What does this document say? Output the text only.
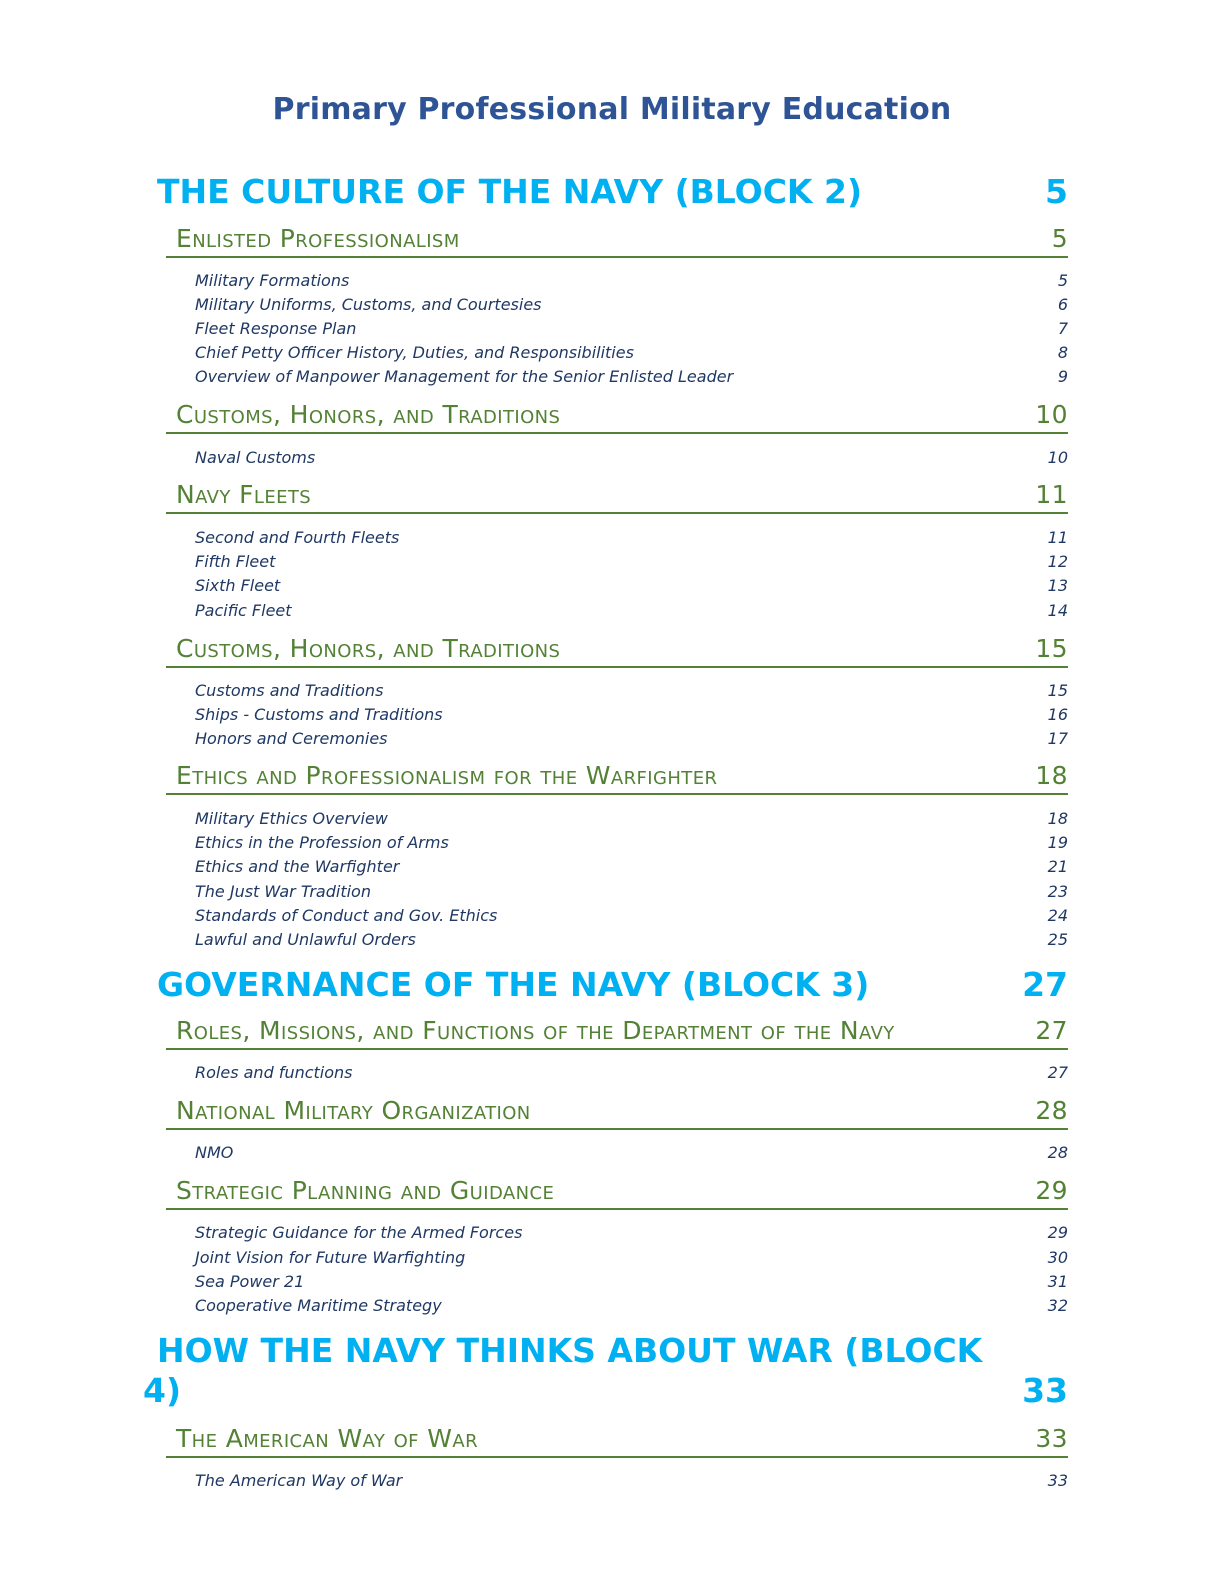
Primary Professional Military Education
THE CULTURE OF THE NAVY (BLOCK 2)	5
Enlisted Professionalism	5
Military Formations	5
Military Uniforms, Customs, and Courtesies	6
Fleet Response Plan	7
Chief Petty Officer History, Duties, and Responsibilities	8
Overview of Manpower Management for the Senior Enlisted Leader	9
Customs, Honors, and Traditions	10
Naval Customs	10
Navy Fleets	11
Second and Fourth Fleets	11
Fifth Fleet	12
Sixth Fleet	13
Pacific Fleet	14
Customs, Honors, and Traditions	15
Customs and Traditions	15
Ships - Customs and Traditions	16
Honors and Ceremonies	17
Ethics and Professionalism for the Warfighter	18
Military Ethics Overview	18
Ethics in the Profession of Arms	19
Ethics and the Warfighter	21
The Just War Tradition	23
Standards of Conduct and Gov. Ethics	24
Lawful and Unlawful Orders	25
GOVERNANCE OF THE NAVY (BLOCK 3)	27
Roles, Missions, and Functions of the Department of the Navy	27
Roles and functions	27
National Military Organization	28
NMO	28
Strategic Planning and Guidance	29
Strategic Guidance for the Armed Forces	29
Joint Vision for Future Warfighting	30
Sea Power 21	31
Cooperative Maritime Strategy	32
HOW THE NAVY THINKS ABOUT WAR (BLOCK
4)	33
The American Way of War	33
The American Way of War	33
